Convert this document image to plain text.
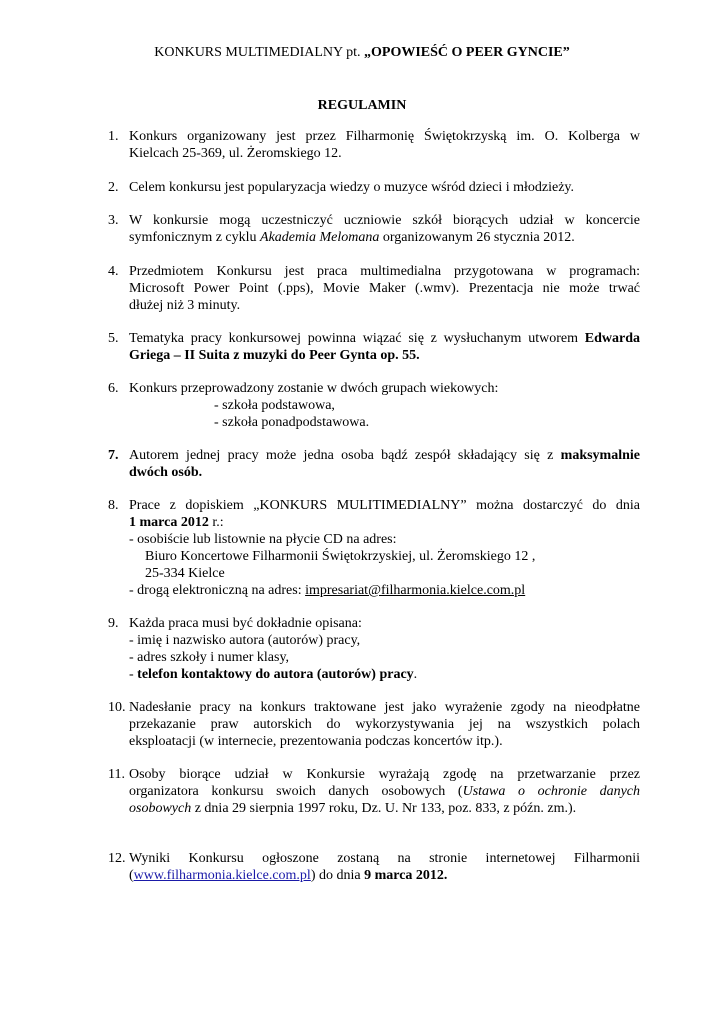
KONKURS MULTIMEDIALNY pt. „OPOWIEŚĆ O PEER GYNCIE”
REGULAMIN
1. Konkurs organizowany jest przez Filharmonię Świętokrzyską im. O. Kolberga w
Kielcach 25-369, ul. Żeromskiego 12.
2. Celem konkursu jest popularyzacja wiedzy o muzyce wśród dzieci i młodzieży.
3. W konkursie mogą uczestniczyć uczniowie szkół biorących udział w koncercie
symfonicznym z cyklu Akademia Melomana organizowanym 26 stycznia 2012.
4. Przedmiotem Konkursu jest praca multimedialna przygotowana w programach:
Microsoft Power Point (.pps), Movie Maker (.wmv). Prezentacja nie może trwać
dłużej niż 3 minuty.
5. Tematyka pracy konkursowej powinna wiązać się z wysłuchanym utworem Edwarda
Griega – II Suita z muzyki do Peer Gynta op. 55.
6. Konkurs przeprowadzony zostanie w dwóch grupach wiekowych:
- szkoła podstawowa,
- szkoła ponadpodstawowa.
7. Autorem jednej pracy może jedna osoba bądź zespół składający się z maksymalnie
dwóch osób.
8. Prace z dopiskiem „KONKURS MULITIMEDIALNY” można dostarczyć do dnia
1 marca 2012 r.:
- osobiście lub listownie na płycie CD na adres:
Biuro Koncertowe Filharmonii Świętokrzyskiej, ul. Żeromskiego 12 ,
25-334 Kielce
- drogą elektroniczną na adres: impresariat@filharmonia.kielce.com.pl
9. Każda praca musi być dokładnie opisana:
- imię i nazwisko autora (autorów) pracy,
- adres szkoły i numer klasy,
- telefon kontaktowy do autora (autorów) pracy.
10. Nadesłanie pracy na konkurs traktowane jest jako wyrażenie zgody na nieodpłatne
przekazanie praw autorskich do wykorzystywania jej na wszystkich polach
eksploatacji (w internecie, prezentowania podczas koncertów itp.).
11. Osoby biorące udział w Konkursie wyrażają zgodę na przetwarzanie przez
organizatora konkursu swoich danych osobowych (Ustawa o ochronie danych
osobowych z dnia 29 sierpnia 1997 roku, Dz. U. Nr 133, poz. 833, z późn. zm.).
12. Wyniki Konkursu ogłoszone zostaną na stronie internetowej Filharmonii
(www.filharmonia.kielce.com.pl) do dnia 9 marca 2012.
